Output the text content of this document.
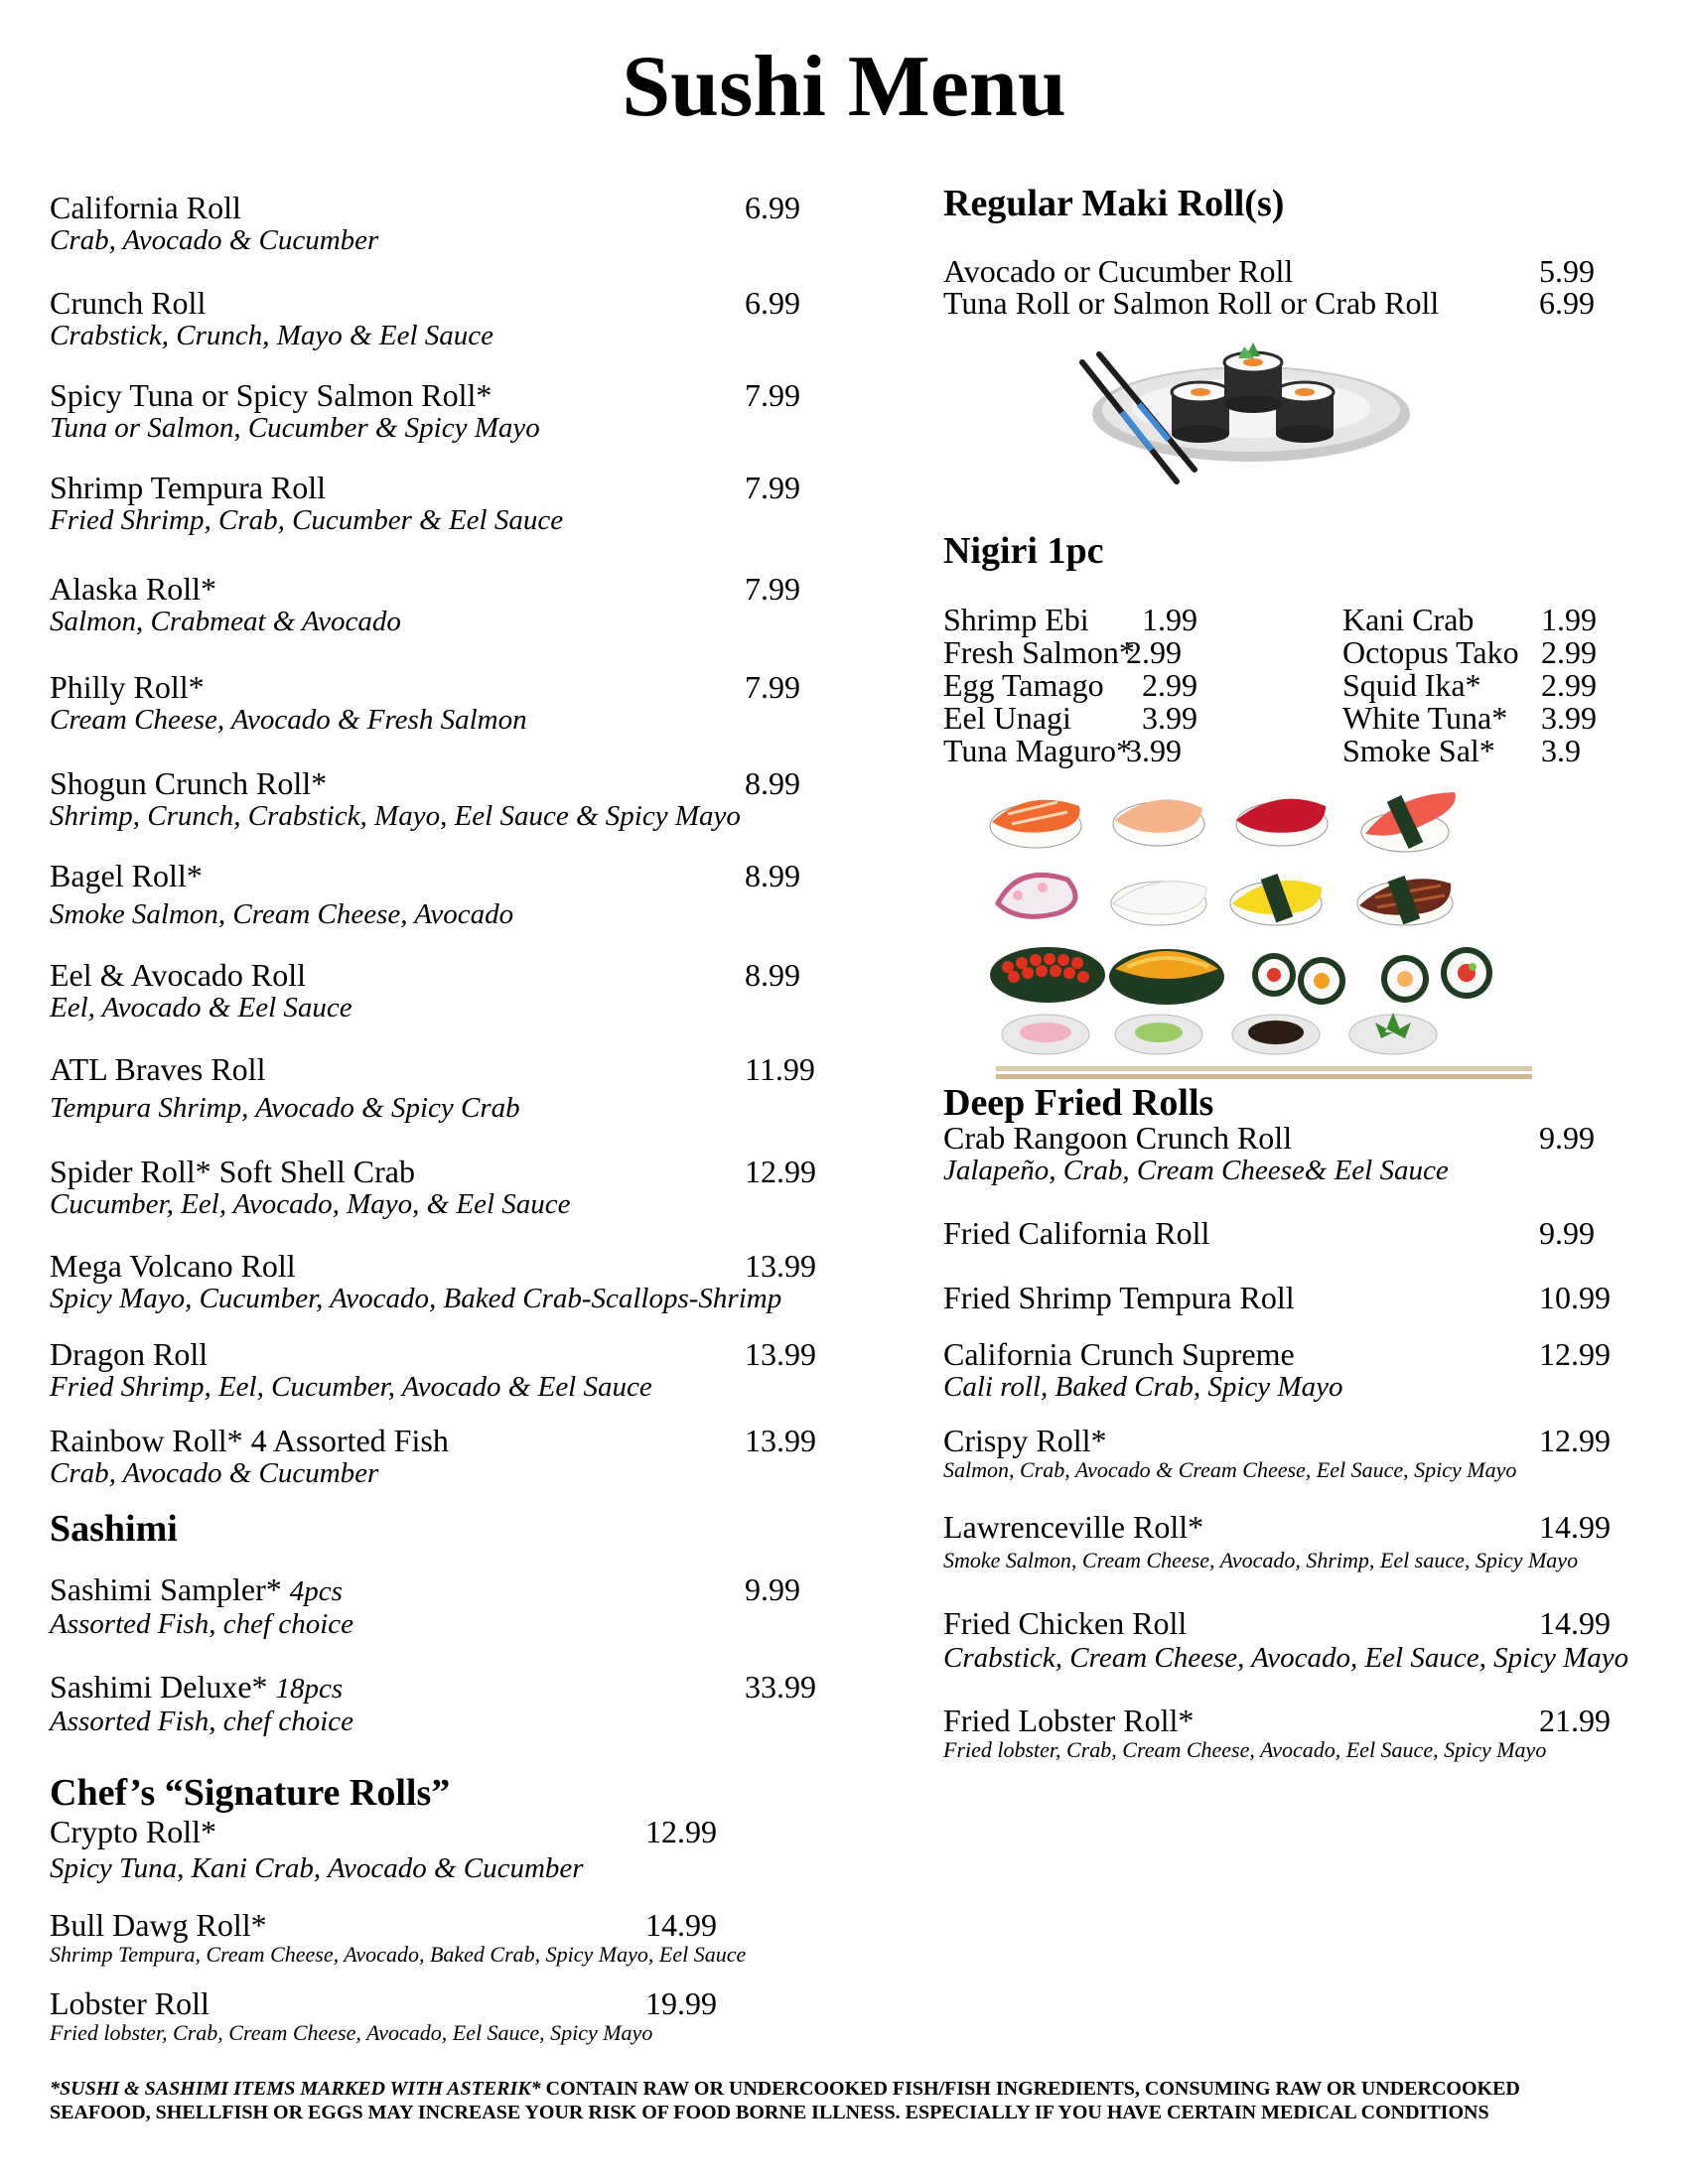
Sushi Menu
California Roll
Crab, Avocado & Cucumber
6.99
Crunch Roll
Crabstick, Crunch, Mayo & Eel Sauce
6.99
Spicy Tuna or Spicy Salmon Roll*
Tuna or Salmon, Cucumber & Spicy Mayo
7.99
Shrimp Tempura Roll
Fried Shrimp, Crab, Cucumber & Eel Sauce
7.99
Alaska Roll*
Salmon, Crabmeat & Avocado
7.99
Philly Roll*
Cream Cheese, Avocado & Fresh Salmon
7.99
Shogun Crunch Roll*
Shrimp, Crunch, Crabstick, Mayo, Eel Sauce & Spicy Mayo
8.99
Bagel Roll*
Smoke Salmon, Cream Cheese, Avocado
8.99
Eel & Avocado Roll
Eel, Avocado & Eel Sauce
8.99
ATL Braves Roll
Tempura Shrimp, Avocado & Spicy Crab
11.99
Spider Roll* Soft Shell Crab
Cucumber, Eel, Avocado, Mayo, & Eel Sauce
12.99
Mega Volcano Roll
Spicy Mayo, Cucumber, Avocado, Baked Crab-Scallops-Shrimp
13.99
Dragon Roll
Fried Shrimp, Eel, Cucumber, Avocado & Eel Sauce
13.99
Rainbow Roll* 4 Assorted Fish
Crab, Avocado & Cucumber
13.99
Sashimi
Sashimi Sampler* 4pcs
Assorted Fish, chef choice
9.99
Sashimi Deluxe* 18pcs
Assorted Fish, chef choice
33.99
Chef’s “Signature Rolls”
Crypto Roll*
Spicy Tuna, Kani Crab, Avocado & Cucumber
12.99
Bull Dawg Roll*
Shrimp Tempura, Cream Cheese, Avocado, Baked Crab, Spicy Mayo, Eel Sauce
14.99
Lobster Roll
Fried lobster, Crab, Cream Cheese, Avocado, Eel Sauce, Spicy Mayo
19.99
Regular Maki Roll(s)
Avocado or Cucumber Roll	5.99
Tuna Roll or Salmon Roll or Crab Roll	6.99
Nigiri 1pc
Shrimp Ebi 1.99
Fresh Salmon*
2.99
Egg Tamago 2.99
Eel Unagi 3.99
Tuna Maguro*
3.99
Kani Crab 1.99
Octopus Tako 2.99
Squid Ika* 2.99
White Tuna* 3.99
Smoke Sal* 3.9
Deep Fried Rolls
Crab Rangoon Crunch Roll
Jalapeño, Crab, Cream Cheese& Eel Sauce
9.99
Fried California Roll	9.99
Fried Shrimp Tempura Roll	10.99
California Crunch Supreme
Cali roll, Baked Crab, Spicy Mayo
12.99
Crispy Roll*
Salmon, Crab, Avocado & Cream Cheese, Eel Sauce, Spicy Mayo
12.99
Lawrenceville Roll*
Smoke Salmon, Cream Cheese, Avocado, Shrimp, Eel sauce, Spicy Mayo
14.99
Fried Chicken Roll
Crabstick, Cream Cheese, Avocado, Eel Sauce, Spicy Mayo
14.99
Fried Lobster Roll*
Fried lobster, Crab, Cream Cheese, Avocado, Eel Sauce, Spicy Mayo
21.99
*SUSHI & SASHIMI ITEMS MARKED WITH ASTERIK* CONTAIN RAW OR UNDERCOOKED FISH/FISH INGREDIENTS, CONSUMING RAW OR UNDERCOOKED
SEAFOOD, SHELLFISH OR EGGS MAY INCREASE YOUR RISK OF FOOD BORNE ILLNESS. ESPECIALLY IF YOU HAVE CERTAIN MEDICAL CONDITIONS
